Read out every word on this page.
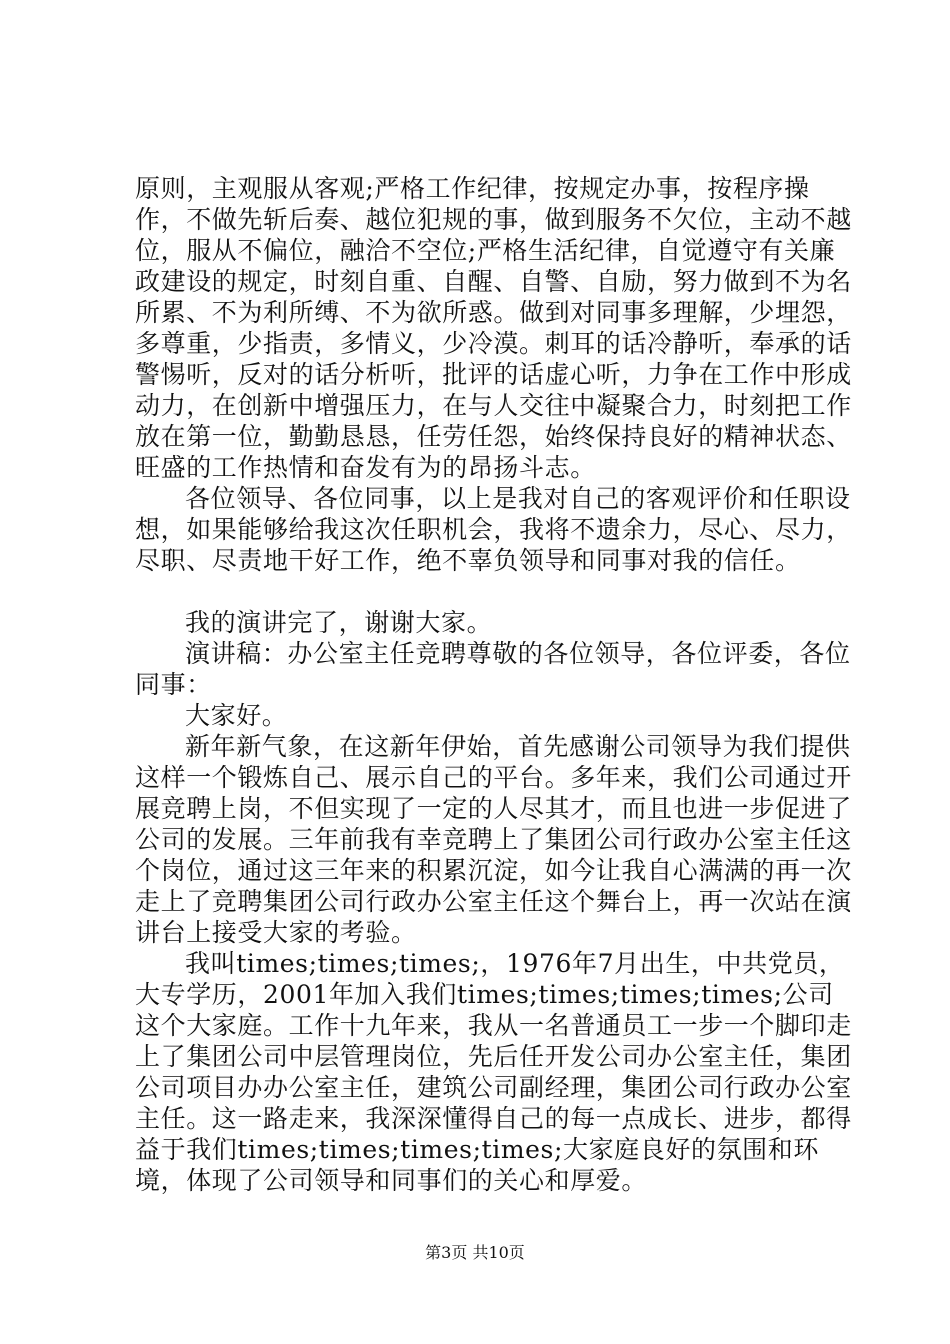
原则，主观服从客观;严格工作纪律，按规定办事，按程序操作，不做先斩后奏、越位犯规的事，做到服务不欠位，主动不越位，服从不偏位，融洽不空位;严格生活纪律，自觉遵守有关廉政建设的规定，时刻自重、自醒、自警、自励，努力做到不为名所累、不为利所缚、不为欲所惑。做到对同事多理解，少埋怨，多尊重，少指责，多情义，少冷漠。刺耳的话冷静听，奉承的话警惕听，反对的话分析听，批评的话虚心听，力争在工作中形成动力，在创新中增强压力，在与人交往中凝聚合力，时刻把工作放在第一位，勤勤恳恳，任劳任怨，始终保持良好的精神状态、旺盛的工作热情和奋发有为的昂扬斗志。

各位领导、各位同事，以上是我对自己的客观评价和任职设想，如果能够给我这次任职机会，我将不遗余力，尽心、尽力，尽职、尽责地干好工作，绝不辜负领导和同事对我的信任。

我的演讲完了，谢谢大家。

演讲稿：办公室主任竞聘尊敬的各位领导，各位评委，各位同事：

大家好。

新年新气象，在这新年伊始，首先感谢公司领导为我们提供这样一个锻炼自己、展示自己的平台。多年来，我们公司通过开展竞聘上岗，不但实现了一定的人尽其才，而且也进一步促进了公司的发展。三年前我有幸竞聘上了集团公司行政办公室主任这个岗位，通过这三年来的积累沉淀，如今让我自心满满的再一次走上了竞聘集团公司行政办公室主任这个舞台上，再一次站在演讲台上接受大家的考验。

我叫times;times;times;，1976年7月出生，中共党员，大专学历，2001年加入我们times;times;times;times;公司这个大家庭。工作十九年来，我从一名普通员工一步一个脚印走上了集团公司中层管理岗位，先后任开发公司办公室主任，集团公司项目办办公室主任，建筑公司副经理，集团公司行政办公室主任。这一路走来，我深深懂得自己的每一点成长、进步，都得益于我们times;times;times;times;大家庭良好的氛围和环境，体现了公司领导和同事们的关心和厚爱。

第3页 共10页
